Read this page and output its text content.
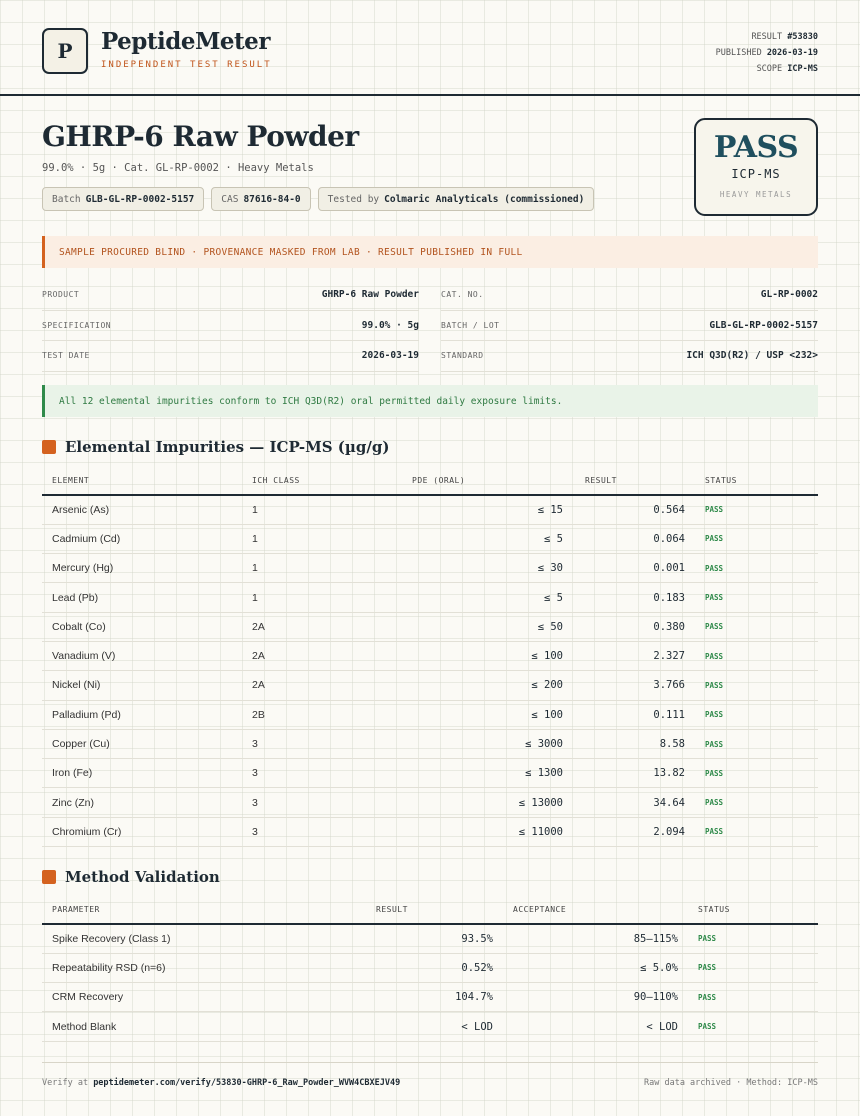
P	PeptideMeter
INDEPENDENT TEST RESULT
RESULT #53830
PUBLISHED 2026-03-19
SCOPE ICP-MS
GHRP-6 Raw Powder
99.0% · 5g · Cat. GL-RP-0002 · Heavy Metals
Batch GLB-GL-RP-0002-5157	CAS 87616-84-0	Tested by Colmaric Analyticals (commissioned)
PASS
ICP-MS
HEAVY METALS
SAMPLE PROCURED BLIND · PROVENANCE MASKED FROM LAB · RESULT PUBLISHED IN FULL
PRODUCT	GHRP-6 Raw Powder	CAT. NO.	GL-RP-0002
SPECIFICATION	99.0% · 5g	BATCH / LOT	GLB-GL-RP-0002-5157
TEST DATE	2026-03-19	STANDARD	ICH Q3D(R2) / USP <232>
All 12 elemental impurities conform to ICH Q3D(R2) oral permitted daily exposure limits.
Elemental Impurities — ICP-MS (µg/g)
ELEMENT	ICH CLASS	PDE (ORAL)	RESULT	STATUS
Arsenic (As)	1	≤ 15	0.564	PASS
Cadmium (Cd)	1	≤ 5	0.064	PASS
Mercury (Hg)	1	≤ 30	0.001	PASS
Lead (Pb)	1	≤ 5	0.183	PASS
Cobalt (Co)	2A	≤ 50	0.380	PASS
Vanadium (V)	2A	≤ 100	2.327	PASS
Nickel (Ni)	2A	≤ 200	3.766	PASS
Palladium (Pd)	2B	≤ 100	0.111	PASS
Copper (Cu)	3	≤ 3000	8.58	PASS
Iron (Fe)	3	≤ 1300	13.82	PASS
Zinc (Zn)	3	≤ 13000	34.64	PASS
Chromium (Cr)	3	≤ 11000	2.094	PASS
Method Validation
PARAMETER	RESULT	ACCEPTANCE	STATUS
Spike Recovery (Class 1)	93.5%	85–115%	PASS
Repeatability RSD (n=6)	0.52%	≤ 5.0%	PASS
CRM Recovery	104.7%	90–110%	PASS
Method Blank	< LOD	< LOD	PASS
Verify at peptidemeter.com/verify/53830-GHRP-6_Raw_Powder_WVW4CBXEJV49	Raw data archived · Method: ICP-MS
